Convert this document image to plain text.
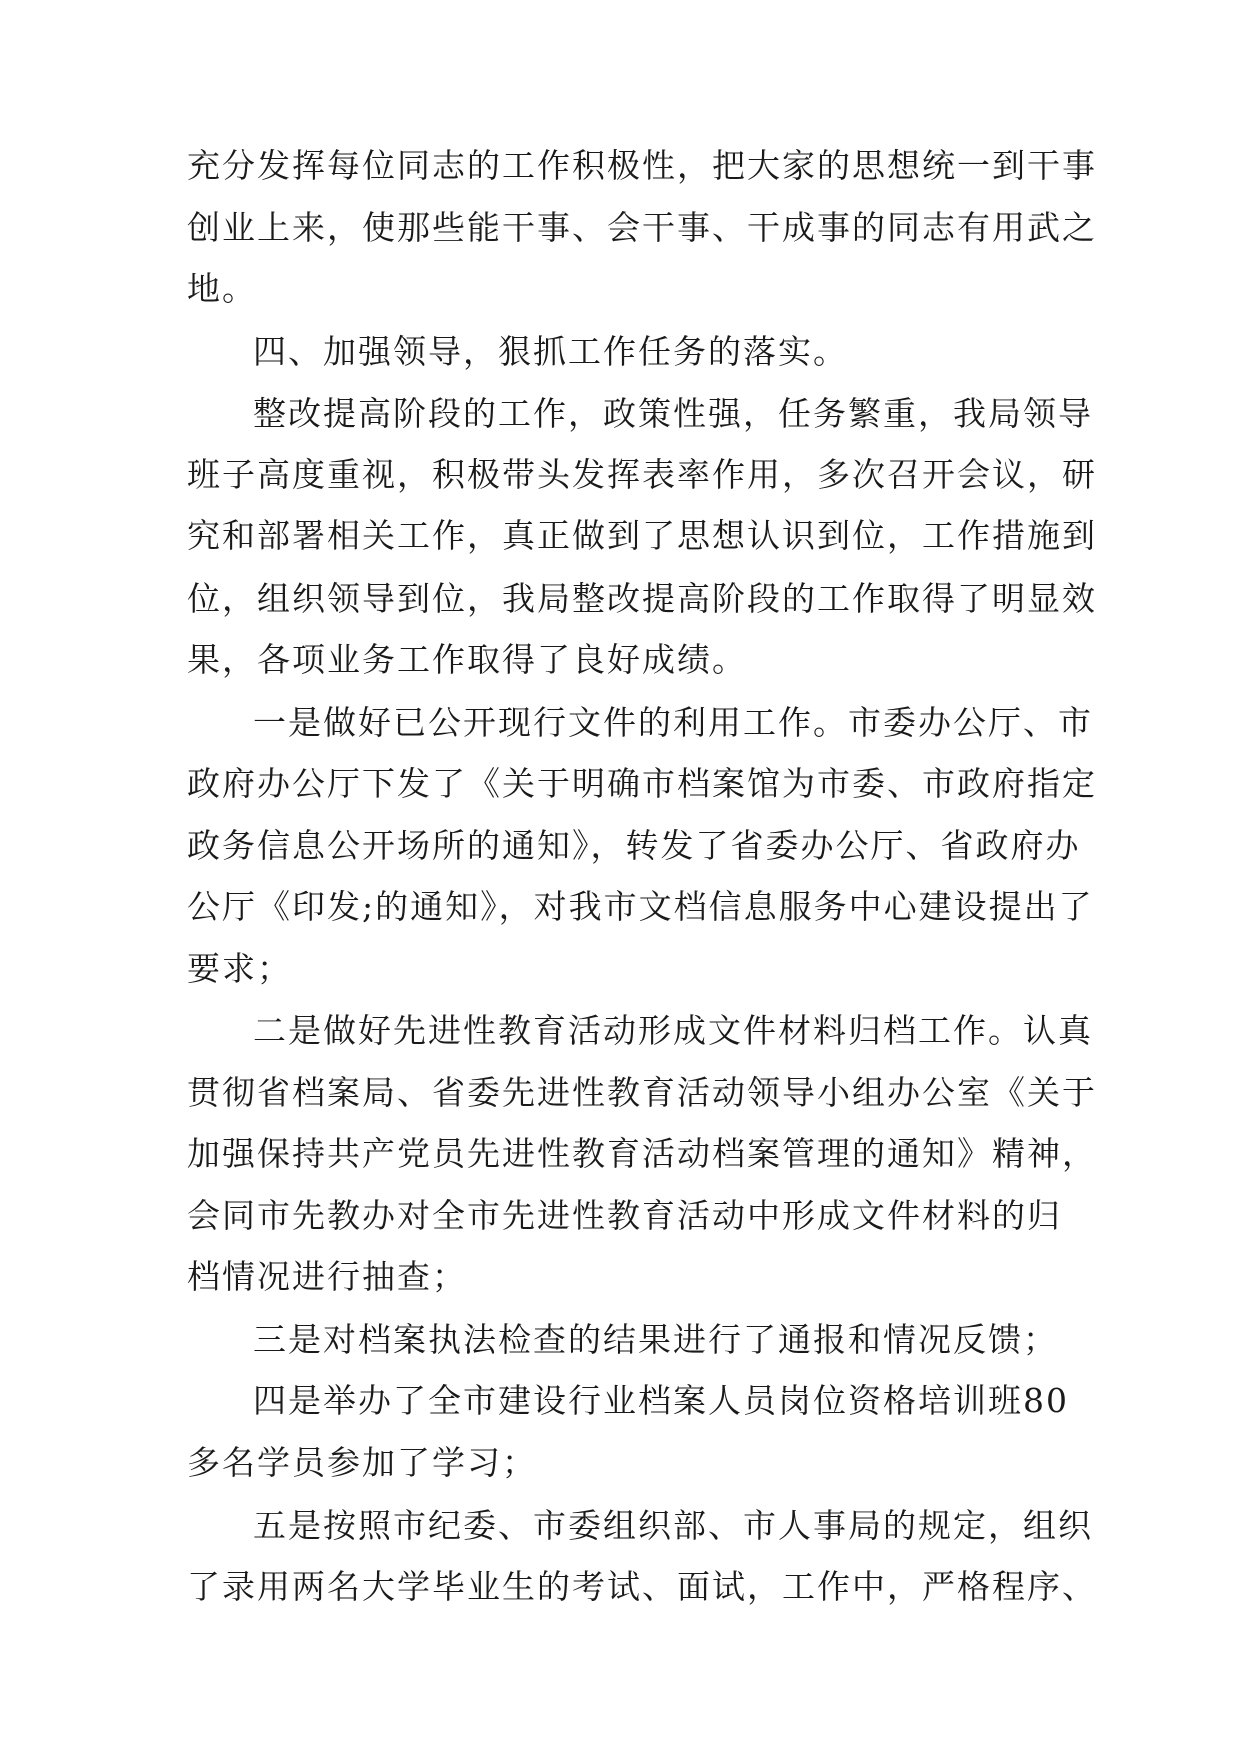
充分发挥每位同志的工作积极性，把大家的思想统一到干事
创业上来，使那些能干事、会干事、干成事的同志有用武之
地。
四、加强领导，狠抓工作任务的落实。
整改提高阶段的工作，政策性强，任务繁重，我局领导
班子高度重视，积极带头发挥表率作用，多次召开会议，研
究和部署相关工作，真正做到了思想认识到位，工作措施到
位，组织领导到位，我局整改提高阶段的工作取得了明显效
果，各项业务工作取得了良好成绩。
一是做好已公开现行文件的利用工作。市委办公厅、市
政府办公厅下发了《关于明确市档案馆为市委、市政府指定
政务信息公开场所的通知》，转发了省委办公厅、省政府办
公厅《印发;的通知》，对我市文档信息服务中心建设提出了
要求；
二是做好先进性教育活动形成文件材料归档工作。认真
贯彻省档案局、省委先进性教育活动领导小组办公室《关于
加强保持共产党员先进性教育活动档案管理的通知》精神，
会同市先教办对全市先进性教育活动中形成文件材料的归
档情况进行抽查；
三是对档案执法检查的结果进行了通报和情况反馈；
四是举办了全市建设行业档案人员岗位资格培训班80
多名学员参加了学习；
五是按照市纪委、市委组织部、市人事局的规定，组织
了录用两名大学毕业生的考试、面试，工作中，严格程序、
